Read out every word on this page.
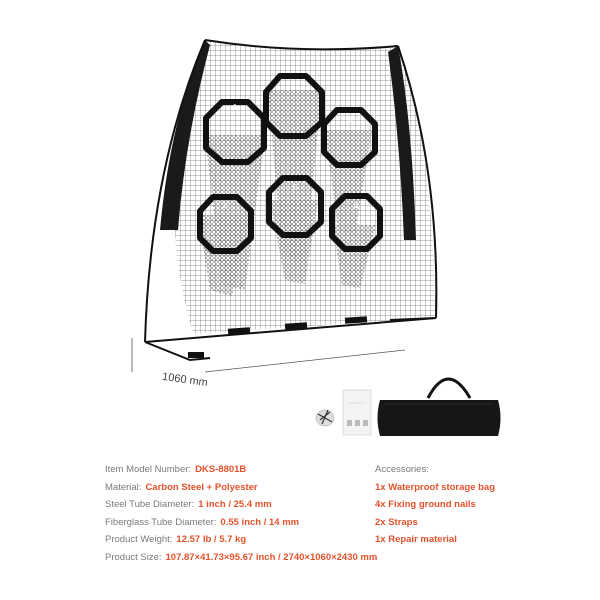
1
2
3
4
5
6
1060 mm
Item Model Number: DKS-8801B
Material: Carbon Steel + Polyester
Steel Tube Diameter: 1 inch / 25.4 mm
Fiberglass Tube Diameter: 0.55 inch / 14 mm
Product Weight: 12.57 lb / 5.7 kg
Product Size: 107.87×41.73×95.67 inch / 2740×1060×2430 mm
Accessories:
1x Waterproof storage bag
4x Fixing ground nails
2x Straps
1x Repair material
